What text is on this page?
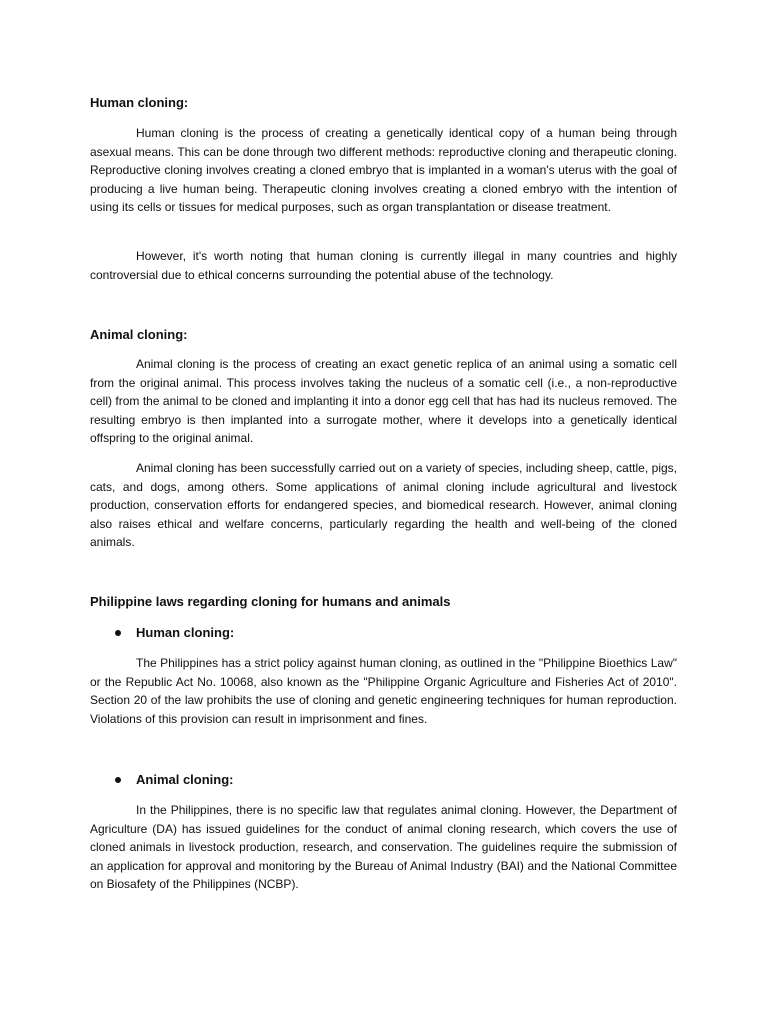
Human cloning:

Human cloning is the process of creating a genetically identical copy of a human being through asexual means. This can be done through two different methods: reproductive cloning and therapeutic cloning. Reproductive cloning involves creating a cloned embryo that is implanted in a woman's uterus with the goal of producing a live human being. Therapeutic cloning involves creating a cloned embryo with the intention of using its cells or tissues for medical purposes, such as organ transplantation or disease treatment.

However, it's worth noting that human cloning is currently illegal in many countries and highly controversial due to ethical concerns surrounding the potential abuse of the technology.

Animal cloning:

Animal cloning is the process of creating an exact genetic replica of an animal using a somatic cell from the original animal. This process involves taking the nucleus of a somatic cell (i.e., a non-reproductive cell) from the animal to be cloned and implanting it into a donor egg cell that has had its nucleus removed. The resulting embryo is then implanted into a surrogate mother, where it develops into a genetically identical offspring to the original animal.

Animal cloning has been successfully carried out on a variety of species, including sheep, cattle, pigs, cats, and dogs, among others. Some applications of animal cloning include agricultural and livestock production, conservation efforts for endangered species, and biomedical research. However, animal cloning also raises ethical and welfare concerns, particularly regarding the health and well-being of the cloned animals.

Philippine laws regarding cloning for humans and animals
Human cloning:

The Philippines has a strict policy against human cloning, as outlined in the "Philippine Bioethics Law" or the Republic Act No. 10068, also known as the "Philippine Organic Agriculture and Fisheries Act of 2010". Section 20 of the law prohibits the use of cloning and genetic engineering techniques for human reproduction. Violations of this provision can result in imprisonment and fines.

Animal cloning:

In the Philippines, there is no specific law that regulates animal cloning. However, the Department of Agriculture (DA) has issued guidelines for the conduct of animal cloning research, which covers the use of cloned animals in livestock production, research, and conservation. The guidelines require the submission of an application for approval and monitoring by the Bureau of Animal Industry (BAI) and the National Committee on Biosafety of the Philippines (NCBP).
